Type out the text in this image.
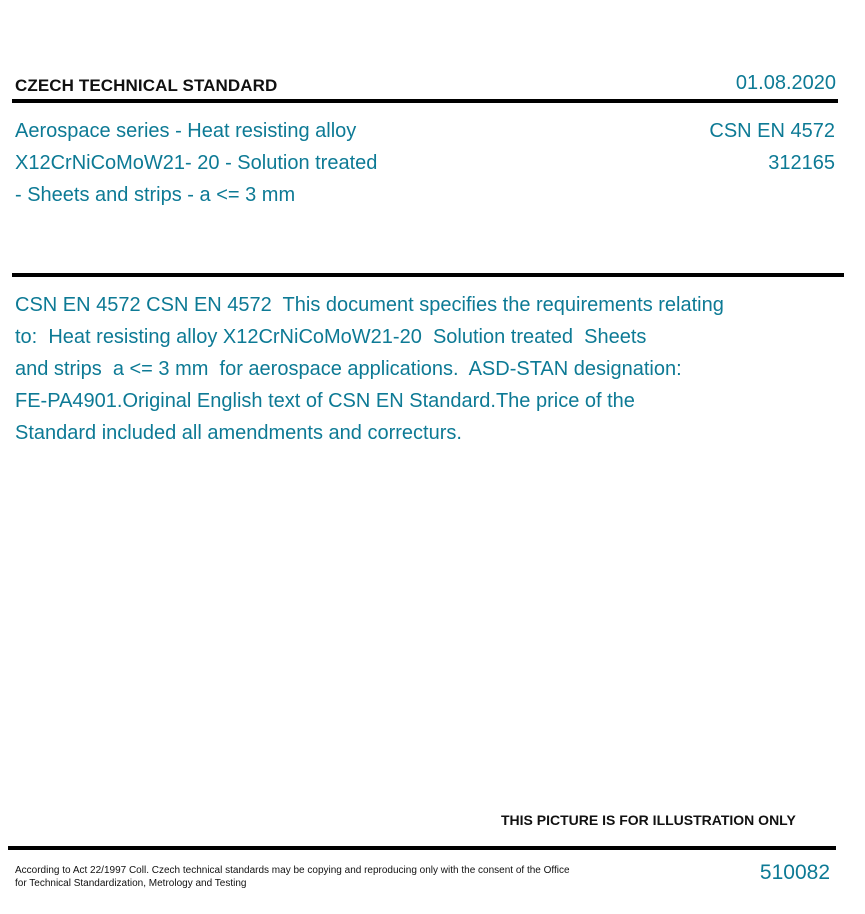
CZECH TECHNICAL STANDARD	01.08.2020
Aerospace series - Heat resisting alloy
X12CrNiCoMoW21- 20 - Solution treated
- Sheets and strips - a <= 3 mm
CSN EN 4572
312165
CSN EN 4572 CSN EN 4572  This document specifies the requirements relating
to:  Heat resisting alloy X12CrNiCoMoW21-20  Solution treated  Sheets
and strips  a <= 3 mm  for aerospace applications.  ASD-STAN designation:
FE-PA4901.Original English text of CSN EN Standard.The price of the
Standard included all amendments and correcturs.
THIS PICTURE IS FOR ILLUSTRATION ONLY
According to Act 22/1997 Coll. Czech technical standards may be copying and reproducing only with the consent of the Office
for Technical Standardization, Metrology and Testing	510082
